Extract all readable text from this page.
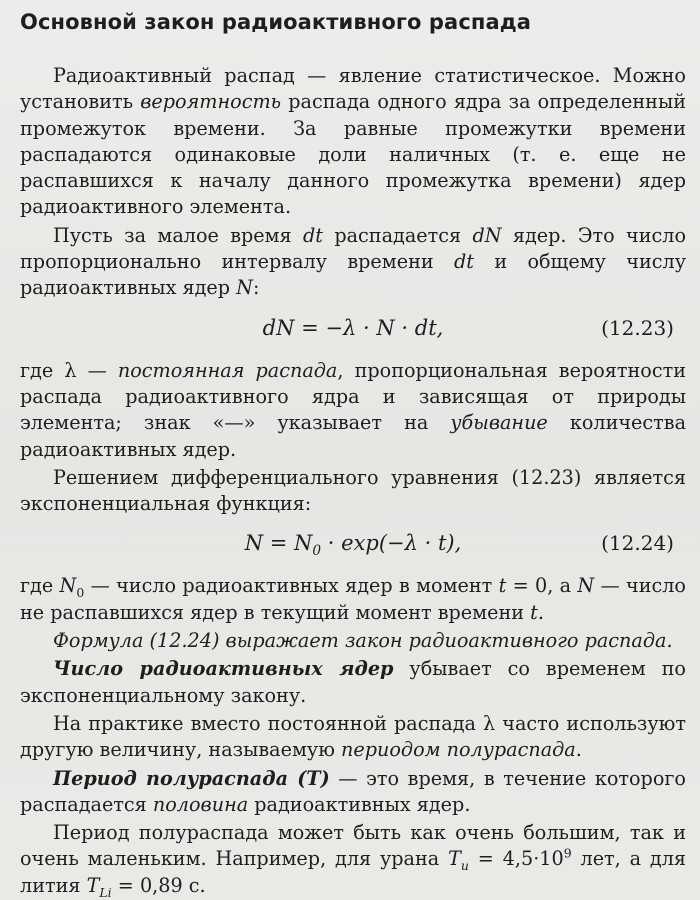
Основной закон радиоактивного распада

Радиоактивный распад — явление статистическое. Можно установить вероятность распада одного ядра за определенный промежуток времени. За равные промежутки времени распадаются одинаковые доли наличных (т. е. еще не распавшихся к началу данного промежутка времени) ядер радиоактивного элемента.

Пусть за малое время dt распадается dN ядер. Это число пропорционально интервалу времени dt и общему числу радиоактивных ядер N:

dN = −λ · N · dt,	(12.23)

где λ — постоянная распада, пропорциональная вероятности распада радиоактивного ядра и зависящая от природы элемента; знак «—» указывает на убывание количества радиоактивных ядер.

Решением дифференциального уравнения (12.23) является экспоненциальная функция:

$N = N_0 \cdot \exp(-\lambda \cdot t)$,	(12.24)

где $N_0$ — число радиоактивных ядер в момент t = 0, а N — число не распавшихся ядер в текущий момент времени t.

Формула (12.24) выражает закон радиоактивного распада.

Число радиоактивных ядер убывает со временем по экспоненциальному закону.

На практике вместо постоянной распада λ часто используют другую величину, называемую периодом полураспада.

Период полураспада (T) — это время, в течение которого распадается половина радиоактивных ядер.

Период полураспада может быть как очень большим, так и очень маленьким. Например, для урана $T_u = 4,5\cdot 10^9$ лет, а для лития $T_{Li} = 0,89$ с.
